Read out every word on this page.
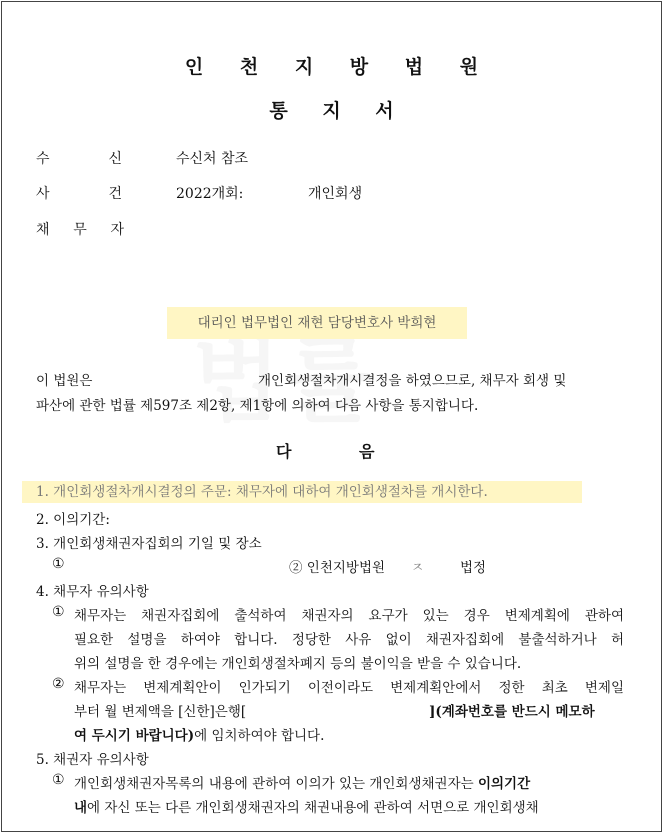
인 천 지 방 법 원
통 지 서
수	신	수신처 참조
사	건	2022개회:	개인회생
채 무 자
대리인 법무법인 재현 담당변호사 박희현
이 법원은	개인회생절차개시결정을 하였으므로, 채무자 회생 및
파산에 관한 법률 제597조 제2항, 제1항에 의하여 다음 사항을 통지합니다.
다	음
1. 개인회생절차개시결정의 주문: 채무자에 대하여 개인회생절차를 개시한다.
2. 이의기간:
3. 개인회생채권자집회의 기일 및 장소
①	② 인천지방법원 ㅈ	법정
4. 채무자 유의사항
① 채무자는 채권자집회에 출석하여 채권자의 요구가 있는 경우 변제계획에 관하여
필요한 설명을 하여야 합니다. 정당한 사유 없이 채권자집회에 불출석하거나 허
위의 설명을 한 경우에는 개인회생절차폐지 등의 불이익을 받을 수 있습니다.
② 채무자는 변제계획안이 인가되기 이전이라도 변제계획안에서 정한 최초 변제일
부터 월 변제액을 [신한]은행[	](계좌번호를 반드시 메모하
여 두시기 바랍니다)에 임치하여야 합니다.
5. 채권자 유의사항
① 개인회생채권자목록의 내용에 관하여 이의가 있는 개인회생채권자는 이의기간
내에 자신 또는 다른 개인회생채권자의 채권내용에 관하여 서면으로 개인회생채
